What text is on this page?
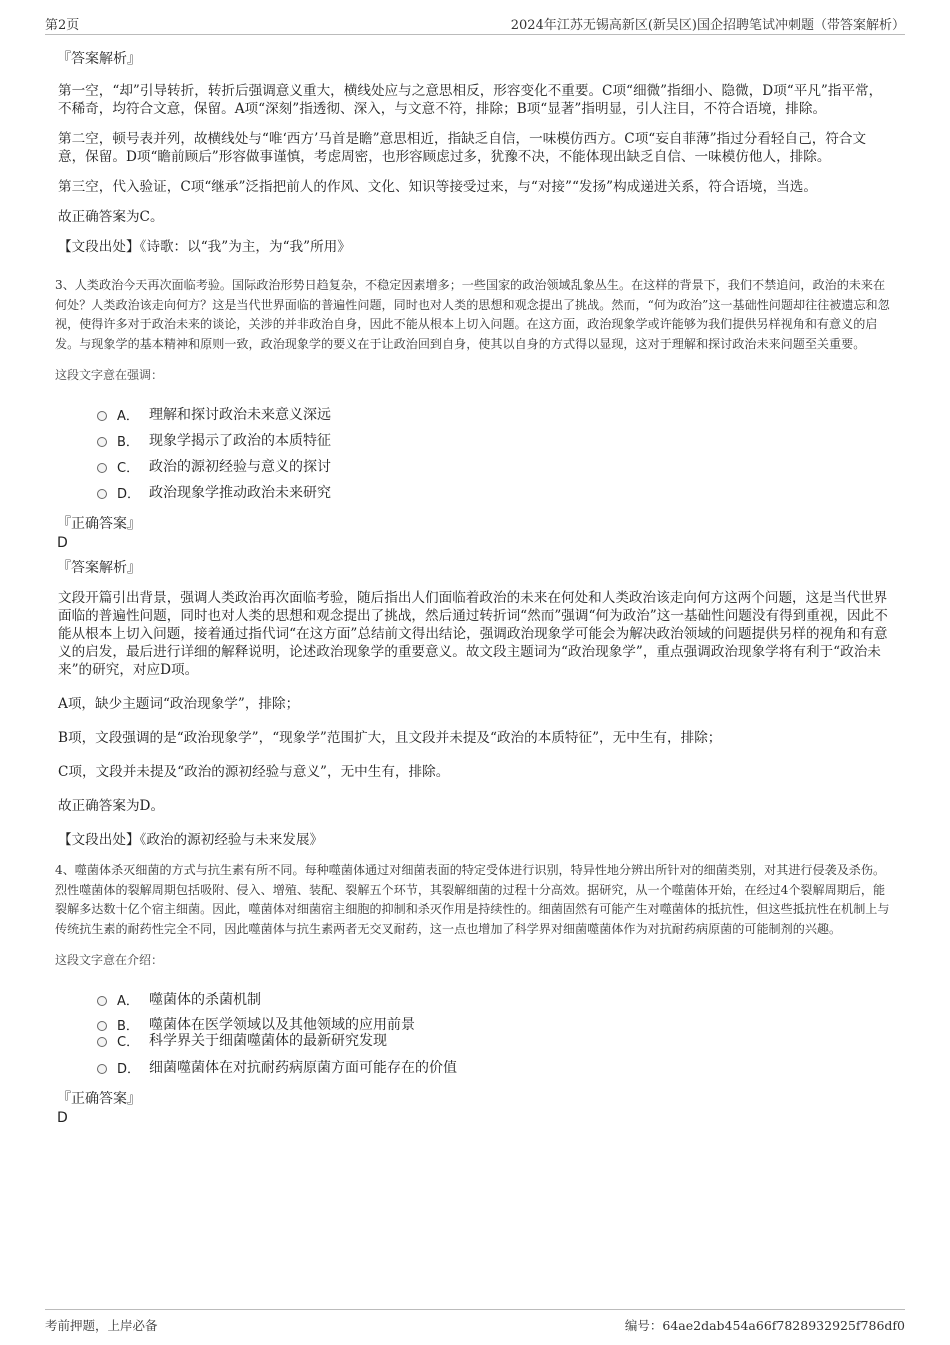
第2页	2024年江苏无锡高新区(新吴区)国企招聘笔试冲刺题（带答案解析）
『答案解析』

第一空，“却”引导转折，转折后强调意义重大，横线处应与之意思相反，形容变化不重要。C项“细微”指细小、隐微，D项“平凡”指平常，不稀奇，均符合文意，保留。A项“深刻”指透彻、深入，与文意不符，排除；B项“显著”指明显，引人注目，不符合语境，排除。

第二空，顿号表并列，故横线处与“唯‘西方’马首是瞻”意思相近，指缺乏自信，一味模仿西方。C项“妄自菲薄”指过分看轻自己，符合文意，保留。D项“瞻前顾后”形容做事谨慎，考虑周密，也形容顾虑过多，犹豫不决，不能体现出缺乏自信、一味模仿他人，排除。

第三空，代入验证，C项“继承”泛指把前人的作风、文化、知识等接受过来，与“对接”“发扬”构成递进关系，符合语境，当选。

故正确答案为C。

【文段出处】《诗歌：以“我”为主，为“我”所用》

3、人类政治今天再次面临考验。国际政治形势日趋复杂，不稳定因素增多；一些国家的政治领域乱象丛生。在这样的背景下，我们不禁追问，政治的未来在何处？人类政治该走向何方？这是当代世界面临的普遍性问题，同时也对人类的思想和观念提出了挑战。然而，“何为政治”这一基础性问题却往往被遗忘和忽视，使得许多对于政治未来的谈论，关涉的并非政治自身，因此不能从根本上切入问题。在这方面，政治现象学或许能够为我们提供另样视角和有意义的启发。与现象学的基本精神和原则一致，政治现象学的要义在于让政治回到自身，使其以自身的方式得以显现，这对于理解和探讨政治未来问题至关重要。

这段文字意在强调：
A． 理解和探讨政治未来意义深远
B． 现象学揭示了政治的本质特征
C． 政治的源初经验与意义的探讨
D． 政治现象学推动政治未来研究
『正确答案』
D
『答案解析』

文段开篇引出背景，强调人类政治再次面临考验，随后指出人们面临着政治的未来在何处和人类政治该走向何方这两个问题，这是当代世界面临的普遍性问题，同时也对人类的思想和观念提出了挑战，然后通过转折词“然而”强调“何为政治”这一基础性问题没有得到重视，因此不能从根本上切入问题，接着通过指代词“在这方面”总结前文得出结论，强调政治现象学可能会为解决政治领域的问题提供另样的视角和有意义的启发，最后进行详细的解释说明，论述政治现象学的重要意义。故文段主题词为“政治现象学”，重点强调政治现象学将有利于“政治未来”的研究，对应D项。

A项，缺少主题词“政治现象学”，排除；

B项，文段强调的是“政治现象学”，“现象学”范围扩大，且文段并未提及“政治的本质特征”，无中生有，排除；

C项，文段并未提及“政治的源初经验与意义”，无中生有，排除。

故正确答案为D。

【文段出处】《政治的源初经验与未来发展》

4、噬菌体杀灭细菌的方式与抗生素有所不同。每种噬菌体通过对细菌表面的特定受体进行识别，特异性地分辨出所针对的细菌类别，对其进行侵袭及杀伤。烈性噬菌体的裂解周期包括吸附、侵入、增殖、装配、裂解五个环节，其裂解细菌的过程十分高效。据研究，从一个噬菌体开始，在经过4个裂解周期后，能裂解多达数十亿个宿主细菌。因此，噬菌体对细菌宿主细胞的抑制和杀灭作用是持续性的。细菌固然有可能产生对噬菌体的抵抗性，但这些抵抗性在机制上与传统抗生素的耐药性完全不同，因此噬菌体与抗生素两者无交叉耐药，这一点也增加了科学界对细菌噬菌体作为对抗耐药病原菌的可能制剂的兴趣。

这段文字意在介绍：
A． 噬菌体的杀菌机制
B． 噬菌体在医学领域以及其他领域的应用前景
C． 科学界关于细菌噬菌体的最新研究发现
D． 细菌噬菌体在对抗耐药病原菌方面可能存在的价值
『正确答案』
D
考前押题，上岸必备	编号：64ae2dab454a66f7828932925f786df0
